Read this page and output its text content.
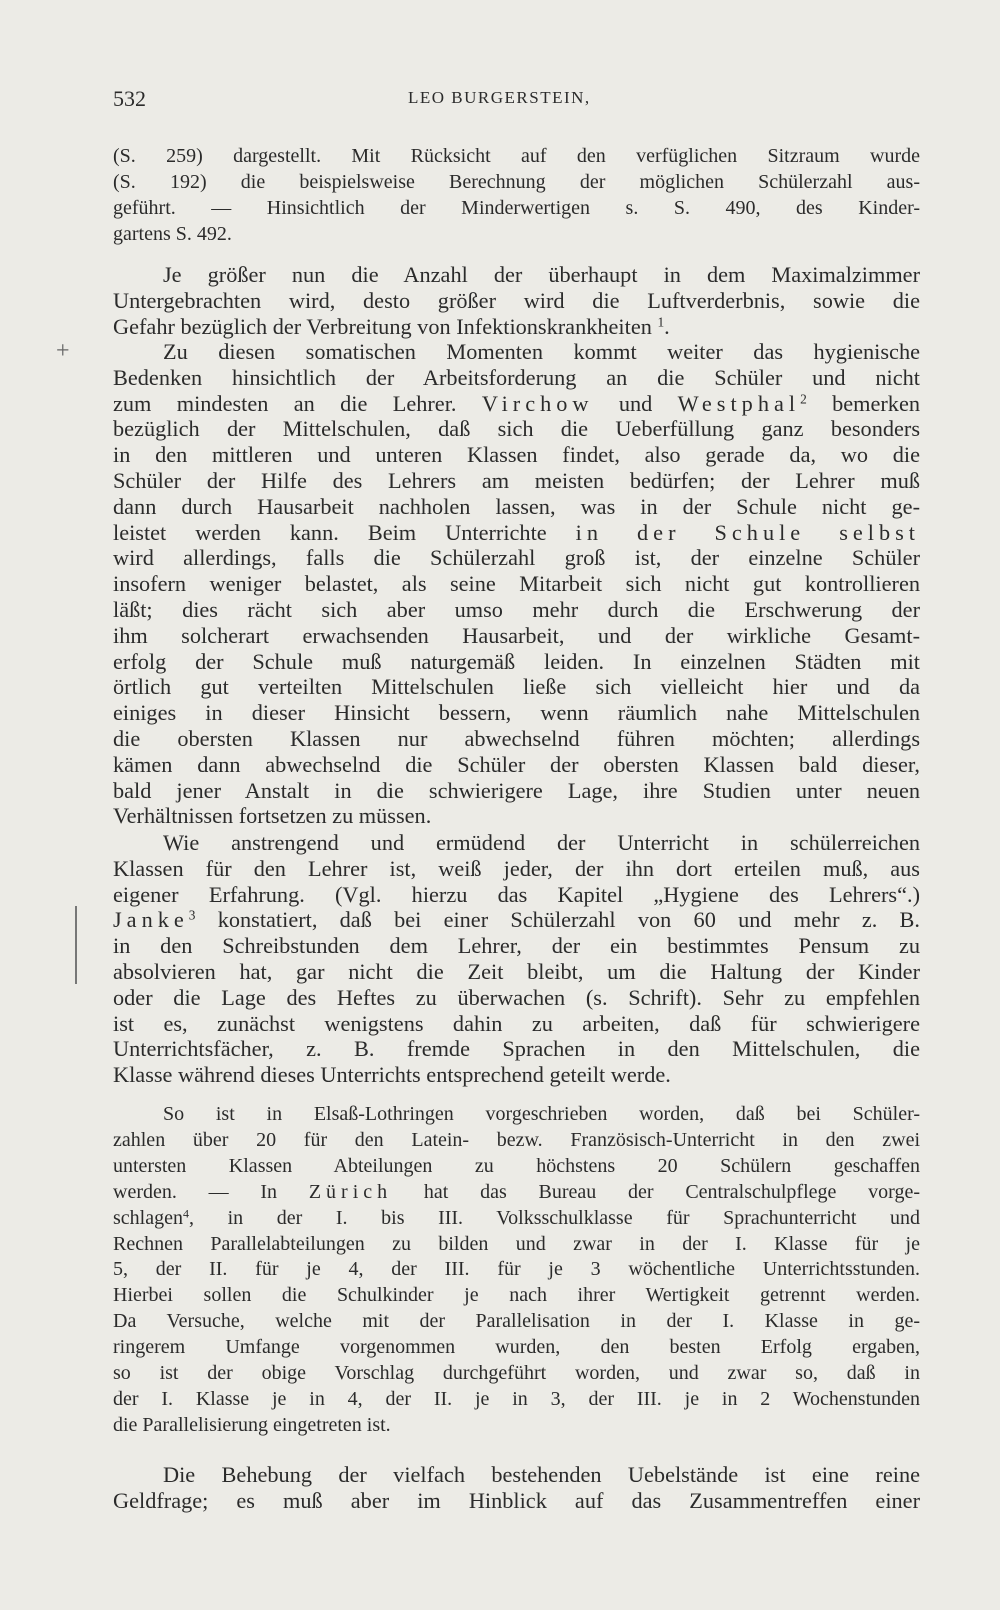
532	LEO BURGERSTEIN,
+
(S. 259) dargestellt. Mit Rücksicht auf den verfüglichen Sitzraum wurde
(S. 192) die beispielsweise Berechnung der möglichen Schülerzahl aus-
geführt. — Hinsichtlich der Minderwertigen s. S. 490, des Kinder-
gartens S. 492.
Je größer nun die Anzahl der überhaupt in dem Maximalzimmer
Untergebrachten wird, desto größer wird die Luftverderbnis, sowie die
Gefahr bezüglich der Verbreitung von Infektionskrankheiten $^1$.
Zu diesen somatischen Momenten kommt weiter das hygienische
Bedenken hinsichtlich der Arbeitsforderung an die Schüler und nicht
zum mindesten an die Lehrer. Virchow und Westphal$^2$ bemerken
bezüglich der Mittelschulen, daß sich die Ueberfüllung ganz besonders
in den mittleren und unteren Klassen findet, also gerade da, wo die
Schüler der Hilfe des Lehrers am meisten bedürfen; der Lehrer muß
dann durch Hausarbeit nachholen lassen, was in der Schule nicht ge-
leistet werden kann. Beim Unterrichte in der Schule selbst
wird allerdings, falls die Schülerzahl groß ist, der einzelne Schüler
insofern weniger belastet, als seine Mitarbeit sich nicht gut kontrollieren
läßt; dies rächt sich aber umso mehr durch die Erschwerung der
ihm solcherart erwachsenden Hausarbeit, und der wirkliche Gesamt-
erfolg der Schule muß naturgemäß leiden. In einzelnen Städten mit
örtlich gut verteilten Mittelschulen ließe sich vielleicht hier und da
einiges in dieser Hinsicht bessern, wenn räumlich nahe Mittelschulen
die obersten Klassen nur abwechselnd führen möchten; allerdings
kämen dann abwechselnd die Schüler der obersten Klassen bald dieser,
bald jener Anstalt in die schwierigere Lage, ihre Studien unter neuen
Verhältnissen fortsetzen zu müssen.
Wie anstrengend und ermüdend der Unterricht in schülerreichen
Klassen für den Lehrer ist, weiß jeder, der ihn dort erteilen muß, aus
eigener Erfahrung. (Vgl. hierzu das Kapitel „Hygiene des Lehrers“.)
Janke$^3$ konstatiert, daß bei einer Schülerzahl von 60 und mehr z. B.
in den Schreibstunden dem Lehrer, der ein bestimmtes Pensum zu
absolvieren hat, gar nicht die Zeit bleibt, um die Haltung der Kinder
oder die Lage des Heftes zu überwachen (s. Schrift). Sehr zu empfehlen
ist es, zunächst wenigstens dahin zu arbeiten, daß für schwierigere
Unterrichtsfächer, z. B. fremde Sprachen in den Mittelschulen, die
Klasse während dieses Unterrichts entsprechend geteilt werde.
So ist in Elsaß-Lothringen vorgeschrieben worden, daß bei Schüler-
zahlen über 20 für den Latein- bezw. Französisch-Unterricht in den zwei
untersten Klassen Abteilungen zu höchstens 20 Schülern geschaffen
werden. — In Zürich hat das Bureau der Centralschulpflege vorge-
schlagen$^4$, in der I. bis III. Volksschulklasse für Sprachunterricht und
Rechnen Parallelabteilungen zu bilden und zwar in der I. Klasse für je
5, der II. für je 4, der III. für je 3 wöchentliche Unterrichtsstunden.
Hierbei sollen die Schulkinder je nach ihrer Wertigkeit getrennt werden.
Da Versuche, welche mit der Parallelisation in der I. Klasse in ge-
ringerem Umfange vorgenommen wurden, den besten Erfolg ergaben,
so ist der obige Vorschlag durchgeführt worden, und zwar so, daß in
der I. Klasse je in 4, der II. je in 3, der III. je in 2 Wochenstunden
die Parallelisierung eingetreten ist.
Die Behebung der vielfach bestehenden Uebelstände ist eine reine
Geldfrage; es muß aber im Hinblick auf das Zusammentreffen einer
